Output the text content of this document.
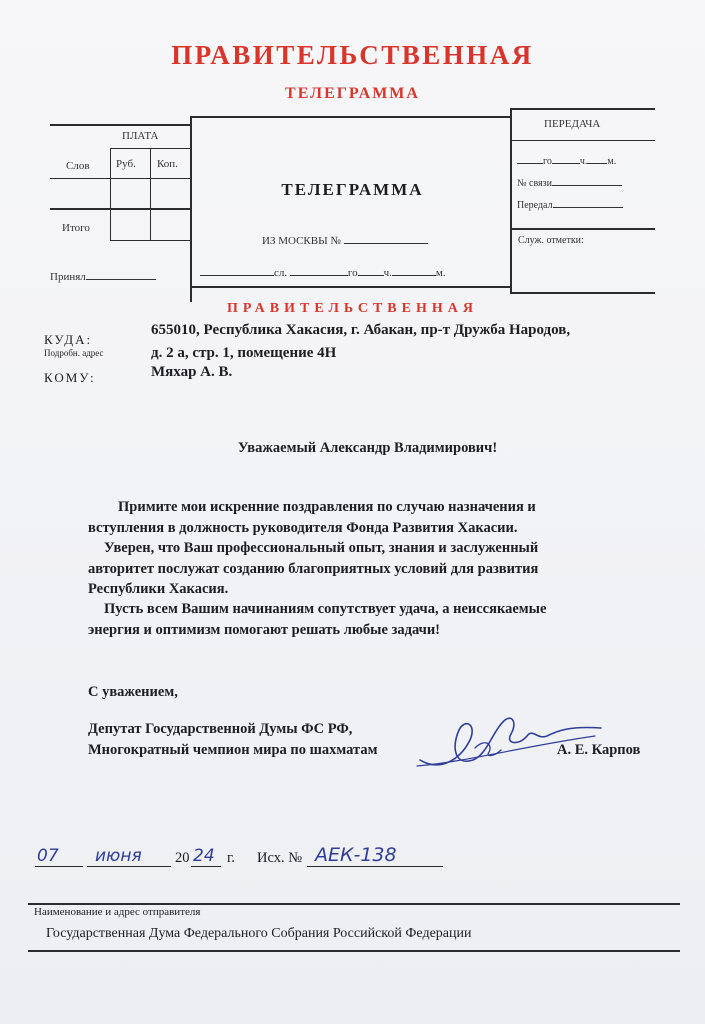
ПРАВИТЕЛЬСТВЕННАЯ
ТЕЛЕГРАММА
ПЛАТА
Слов Руб. Коп.
Итого
Принял
ТЕЛЕГРАММА
ИЗ МОСКВЫ №
сл.	го ч.	м.
ПЕРЕДАЧА
го	ч. м.
№ связи
Передал
Служ. отметки:
ПРАВИТЕЛЬСТВЕННАЯ
КУДА:
Подробн. адрес
КОМУ:
655010, Республика Хакасия, г. Абакан, пр-т Дружба Народов,
д. 2 а, стр. 1, помещение 4Н
Мяхар А. В.
Уважаемый Александр Владимирович!
Примите мои искренние поздравления по случаю назначения и
вступления в должность руководителя Фонда Развития Хакасии.
Уверен, что Ваш профессиональный опыт, знания и заслуженный
авторитет послужат созданию благоприятных условий для развития
Республики Хакасия.
Пусть всем Вашим начинаниям сопутствует удача, а неиссякаемые
энергия и оптимизм помогают решать любые задачи!
С уважением,
Депутат Государственной Думы ФС РФ,
Многократный чемпион мира по шахматам	А. Е. Карпов
07 июня 20 24 г. Исх. № АЕК-138
Наименование и адрес отправителя
Государственная Дума Федерального Собрания Российской Федерации
